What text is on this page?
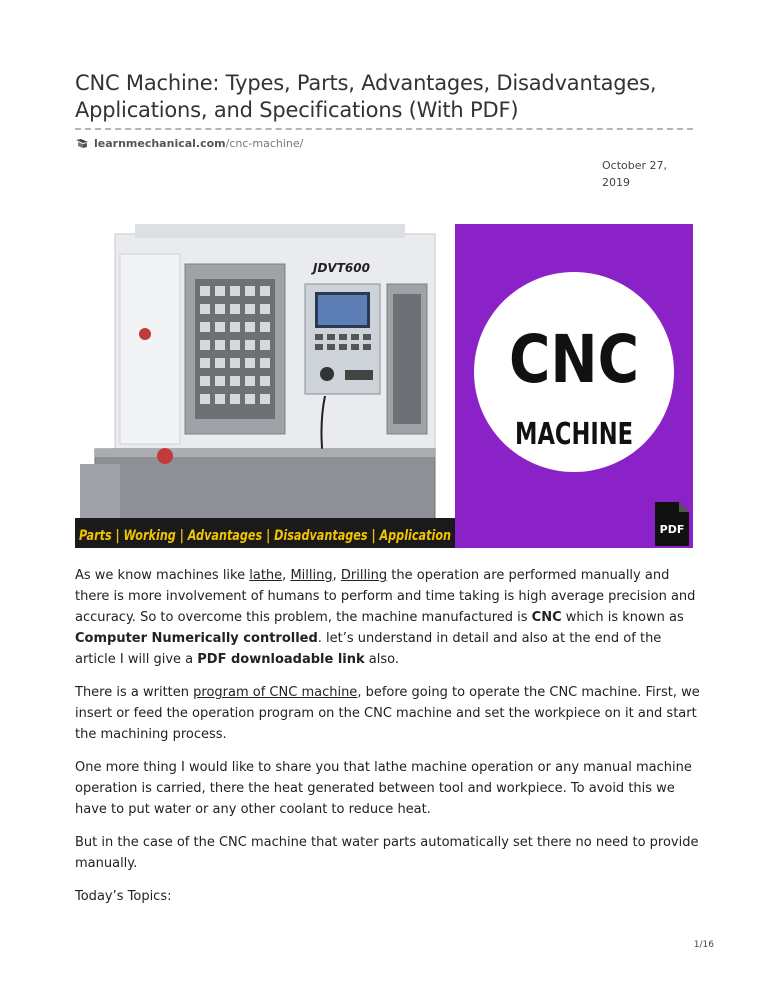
CNC Machine: Types, Parts, Advantages, Disadvantages, Applications, and Specifications (With PDF)
learnmechanical.com /cnc-machine/
October 27,
2019
JDVT600
Parts | Working | Advantages | Disadvantages | Application
CNC
MACHINE
PDF

As we know machines like lathe, Milling, Drilling the operation are performed manually and there is more involvement of humans to perform and time taking is high average precision and accuracy. So to overcome this problem, the machine manufactured is CNC which is known as Computer Numerically controlled. let’s understand in detail and also at the end of the article I will give a PDF downloadable link also.

There is a written program of CNC machine, before going to operate the CNC machine. First, we insert or feed the operation program on the CNC machine and set the workpiece on it and start the machining process.

One more thing I would like to share you that lathe machine operation or any manual machine operation is carried, there the heat generated between tool and workpiece. To avoid this we have to put water or any other coolant to reduce heat.

But in the case of the CNC machine that water parts automatically set there no need to provide manually.

Today’s Topics:

1/16
